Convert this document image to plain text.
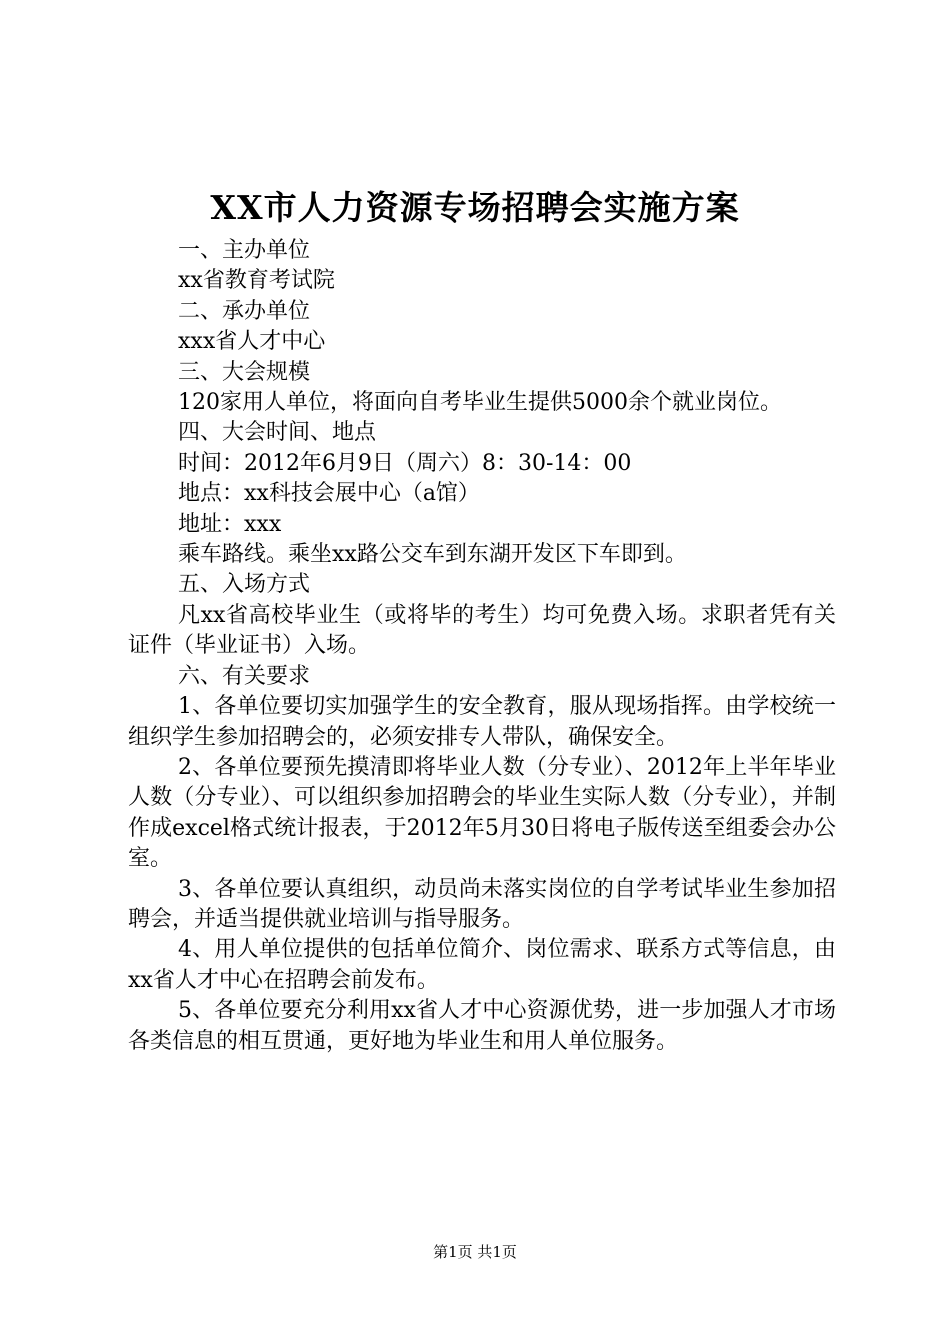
XX市人力资源专场招聘会实施方案

一、主办单位

xx省教育考试院

二、承办单位

xxx省人才中心

三、大会规模

120家用人单位，将面向自考毕业生提供5000余个就业岗位。

四、大会时间、地点

时间：2012年6月9日（周六）8：30-14：00

地点：xx科技会展中心（a馆）

地址：xxx

乘车路线。乘坐xx路公交车到东湖开发区下车即到。

五、入场方式

凡xx省高校毕业生（或将毕的考生）均可免费入场。求职者凭有关证件（毕业证书）入场。

六、有关要求

1、各单位要切实加强学生的安全教育，服从现场指挥。由学校统一组织学生参加招聘会的，必须安排专人带队，确保安全。

2、各单位要预先摸清即将毕业人数（分专业）、2012年上半年毕业人数（分专业）、可以组织参加招聘会的毕业生实际人数（分专业），并制作成excel格式统计报表，于2012年5月30日将电子版传送至组委会办公室。

3、各单位要认真组织，动员尚未落实岗位的自学考试毕业生参加招聘会，并适当提供就业培训与指导服务。

4、用人单位提供的包括单位简介、岗位需求、联系方式等信息，由xx省人才中心在招聘会前发布。

5、各单位要充分利用xx省人才中心资源优势，进一步加强人才市场各类信息的相互贯通，更好地为毕业生和用人单位服务。

第1页 共1页
